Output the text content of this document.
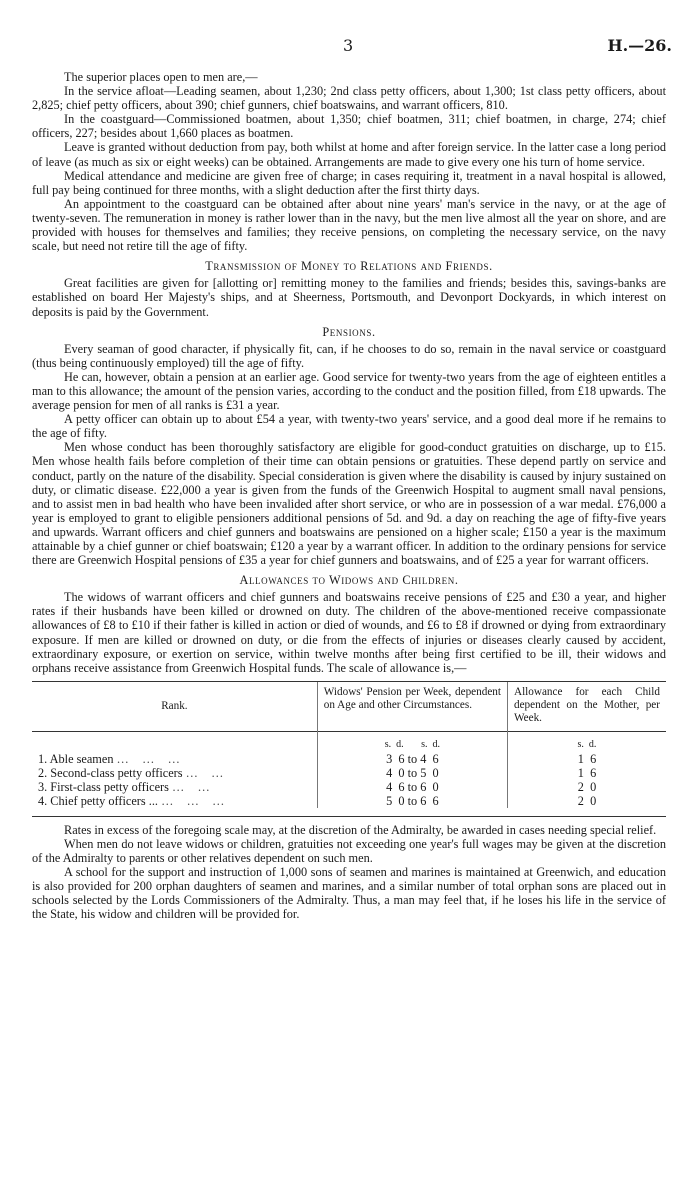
3	H.—26.

The superior places open to men are,—

In the service afloat—Leading seamen, about 1,230; 2nd class petty officers, about 1,300; 1st class petty officers, about 2,825; chief petty officers, about 390; chief gunners, chief boatswains, and warrant officers, 810.

In the coastguard—Commissioned boatmen, about 1,350; chief boatmen, 311; chief boatmen, in charge, 274; chief officers, 227; besides about 1,660 places as boatmen.

Leave is granted without deduction from pay, both whilst at home and after foreign service. In the latter case a long period of leave (as much as six or eight weeks) can be obtained. Arrangements are made to give every one his turn of home service.

Medical attendance and medicine are given free of charge; in cases requiring it, treatment in a naval hospital is allowed, full pay being continued for three months, with a slight deduction after the first thirty days.

An appointment to the coastguard can be obtained after about nine years' man's service in the navy, or at the age of twenty-seven. The remuneration in money is rather lower than in the navy, but the men live almost all the year on shore, and are provided with houses for themselves and families; they receive pensions, on completing the necessary service, on the navy scale, but need not retire till the age of fifty.

Transmission of Money to Relations and Friends.

Great facilities are given for [allotting or] remitting money to the families and friends; besides this, savings-banks are established on board Her Majesty's ships, and at Sheerness, Portsmouth, and Devonport Dockyards, in which interest on deposits is paid by the Government.

Pensions.

Every seaman of good character, if physically fit, can, if he chooses to do so, remain in the naval service or coastguard (thus being continuously employed) till the age of fifty.

He can, however, obtain a pension at an earlier age. Good service for twenty-two years from the age of eighteen entitles a man to this allowance; the amount of the pension varies, according to the conduct and the position filled, from £18 upwards. The average pension for men of all ranks is £31 a year.

A petty officer can obtain up to about £54 a year, with twenty-two years' service, and a good deal more if he remains to the age of fifty.

Men whose conduct has been thoroughly satisfactory are eligible for good-conduct gratuities on discharge, up to £15. Men whose health fails before completion of their time can obtain pensions or gratuities. These depend partly on service and conduct, partly on the nature of the disability. Special consideration is given where the disability is caused by injury sustained on duty, or climatic disease. £22,000 a year is given from the funds of the Greenwich Hospital to augment small naval pensions, and to assist men in bad health who have been invalided after short service, or who are in possession of a war medal. £76,000 a year is employed to grant to eligible pensioners additional pensions of 5d. and 9d. a day on reaching the age of fifty-five years and upwards. Warrant officers and chief gunners and boatswains are pensioned on a higher scale; £150 a year is the maximum attainable by a chief gunner or chief boatswain; £120 a year by a warrant officer. In addition to the ordinary pensions for service there are Greenwich Hospital pensions of £35 a year for chief gunners and boatswains, and of £25 a year for warrant officers.

Allowances to Widows and Children.

The widows of warrant officers and chief gunners and boatswains receive pensions of £25 and £30 a year, and higher rates if their husbands have been killed or drowned on duty. The children of the above-mentioned receive compassionate allowances of £8 to £10 if their father is killed in action or died of wounds, and £6 to £8 if drowned or dying from extraordinary exposure. If men are killed or drowned on duty, or die from the effects of injuries or diseases clearly caused by accident, extraordinary exposure, or exertion on service, within twelve months after being first certified to be ill, their widows and orphans receive assistance from Greenwich Hospital funds. The scale of allowance is,—

Rank.	Widows' Pension per Week, dependent on Age and other Circumstances.	Allowance for each Child dependent on the Mother, per Week.

	s.  d.       s.  d.	s.  d.
1. Able seamen …   …   …	3  6 to 4  6	1  6
2. Second-class petty officers …   …	4  0 to 5  0	1  6
3. First-class petty officers …   …	4  6 to 6  0	2  0
4. Chief petty officers ... …   …   …	5  0 to 6  6	2  0

Rates in excess of the foregoing scale may, at the discretion of the Admiralty, be awarded in cases needing special relief.

When men do not leave widows or children, gratuities not exceeding one year's full wages may be given at the discretion of the Admiralty to parents or other relatives dependent on such men.

A school for the support and instruction of 1,000 sons of seamen and marines is maintained at Greenwich, and education is also provided for 200 orphan daughters of seamen and marines, and a similar number of total orphan sons are placed out in schools selected by the Lords Commissioners of the Admiralty. Thus, a man may feel that, if he loses his life in the service of the State, his widow and children will be provided for.
